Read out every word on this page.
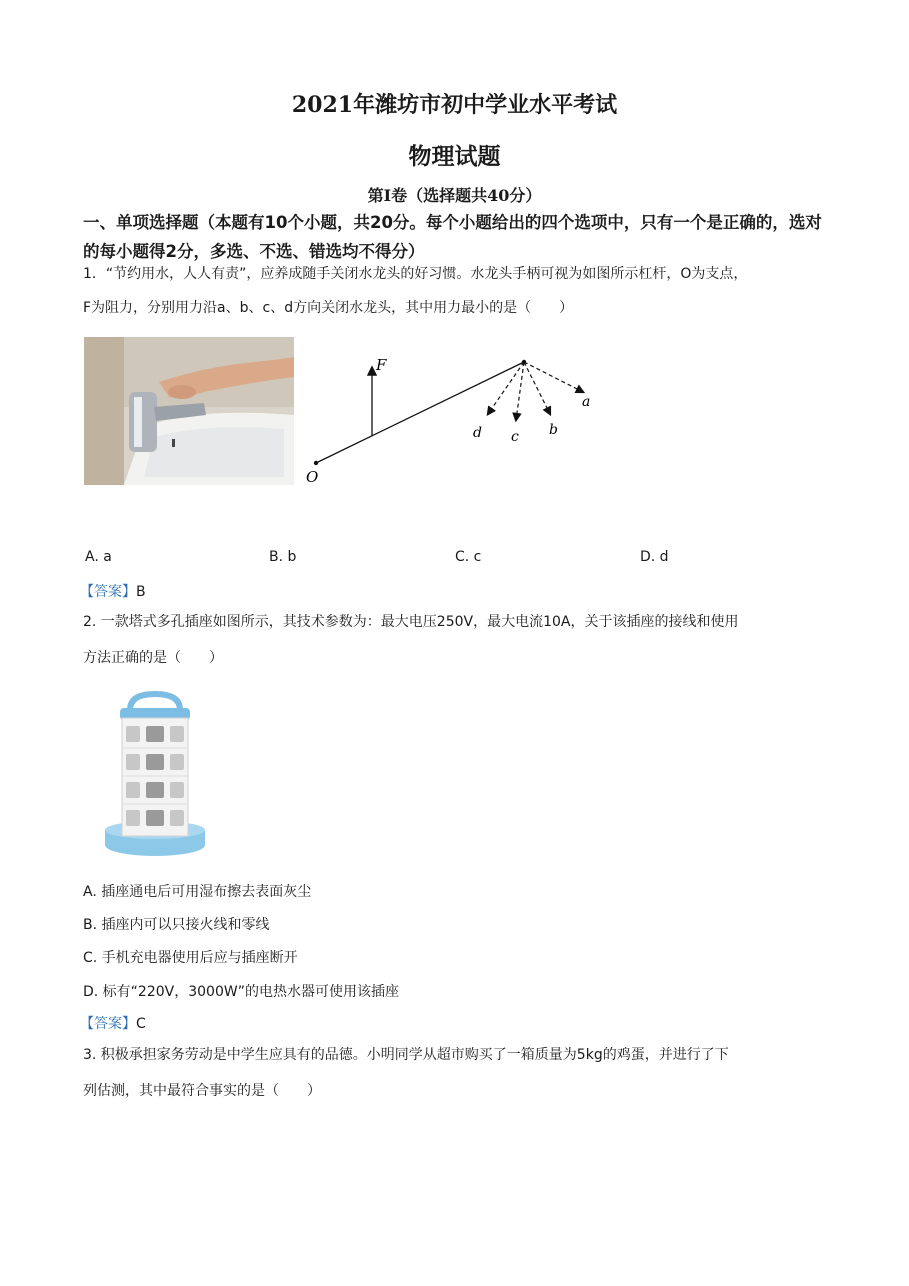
2021年潍坊市初中学业水平考试
物理试题
第I卷（选择题共40分）
一、单项选择题（本题有10个小题，共20分。每个小题给出的四个选项中，只有一个是正确的，选对的每小题得2分，多选、不选、错选均不得分）
1．“节约用水，人人有责”，应养成随手关闭水龙头的好习惯。水龙头手柄可视为如图所示杠杆，O为支点，
F为阻力，分别用力沿a、b、c、d方向关闭水龙头，其中用力最小的是（　　）
F
O
a
b
c
d
A. a	B. b	C. c	D. d
【答案】B
2. 一款塔式多孔插座如图所示，其技术参数为：最大电压250V，最大电流10A，关于该插座的接线和使用
方法正确的是（　　）
A. 插座通电后可用湿布擦去表面灰尘
B. 插座内可以只接火线和零线
C. 手机充电器使用后应与插座断开
D. 标有“220V，3000W”的电热水器可使用该插座
【答案】C
3. 积极承担家务劳动是中学生应具有的品德。小明同学从超市购买了一箱质量为5kg的鸡蛋，并进行了下
列估测，其中最符合事实的是（　　）
